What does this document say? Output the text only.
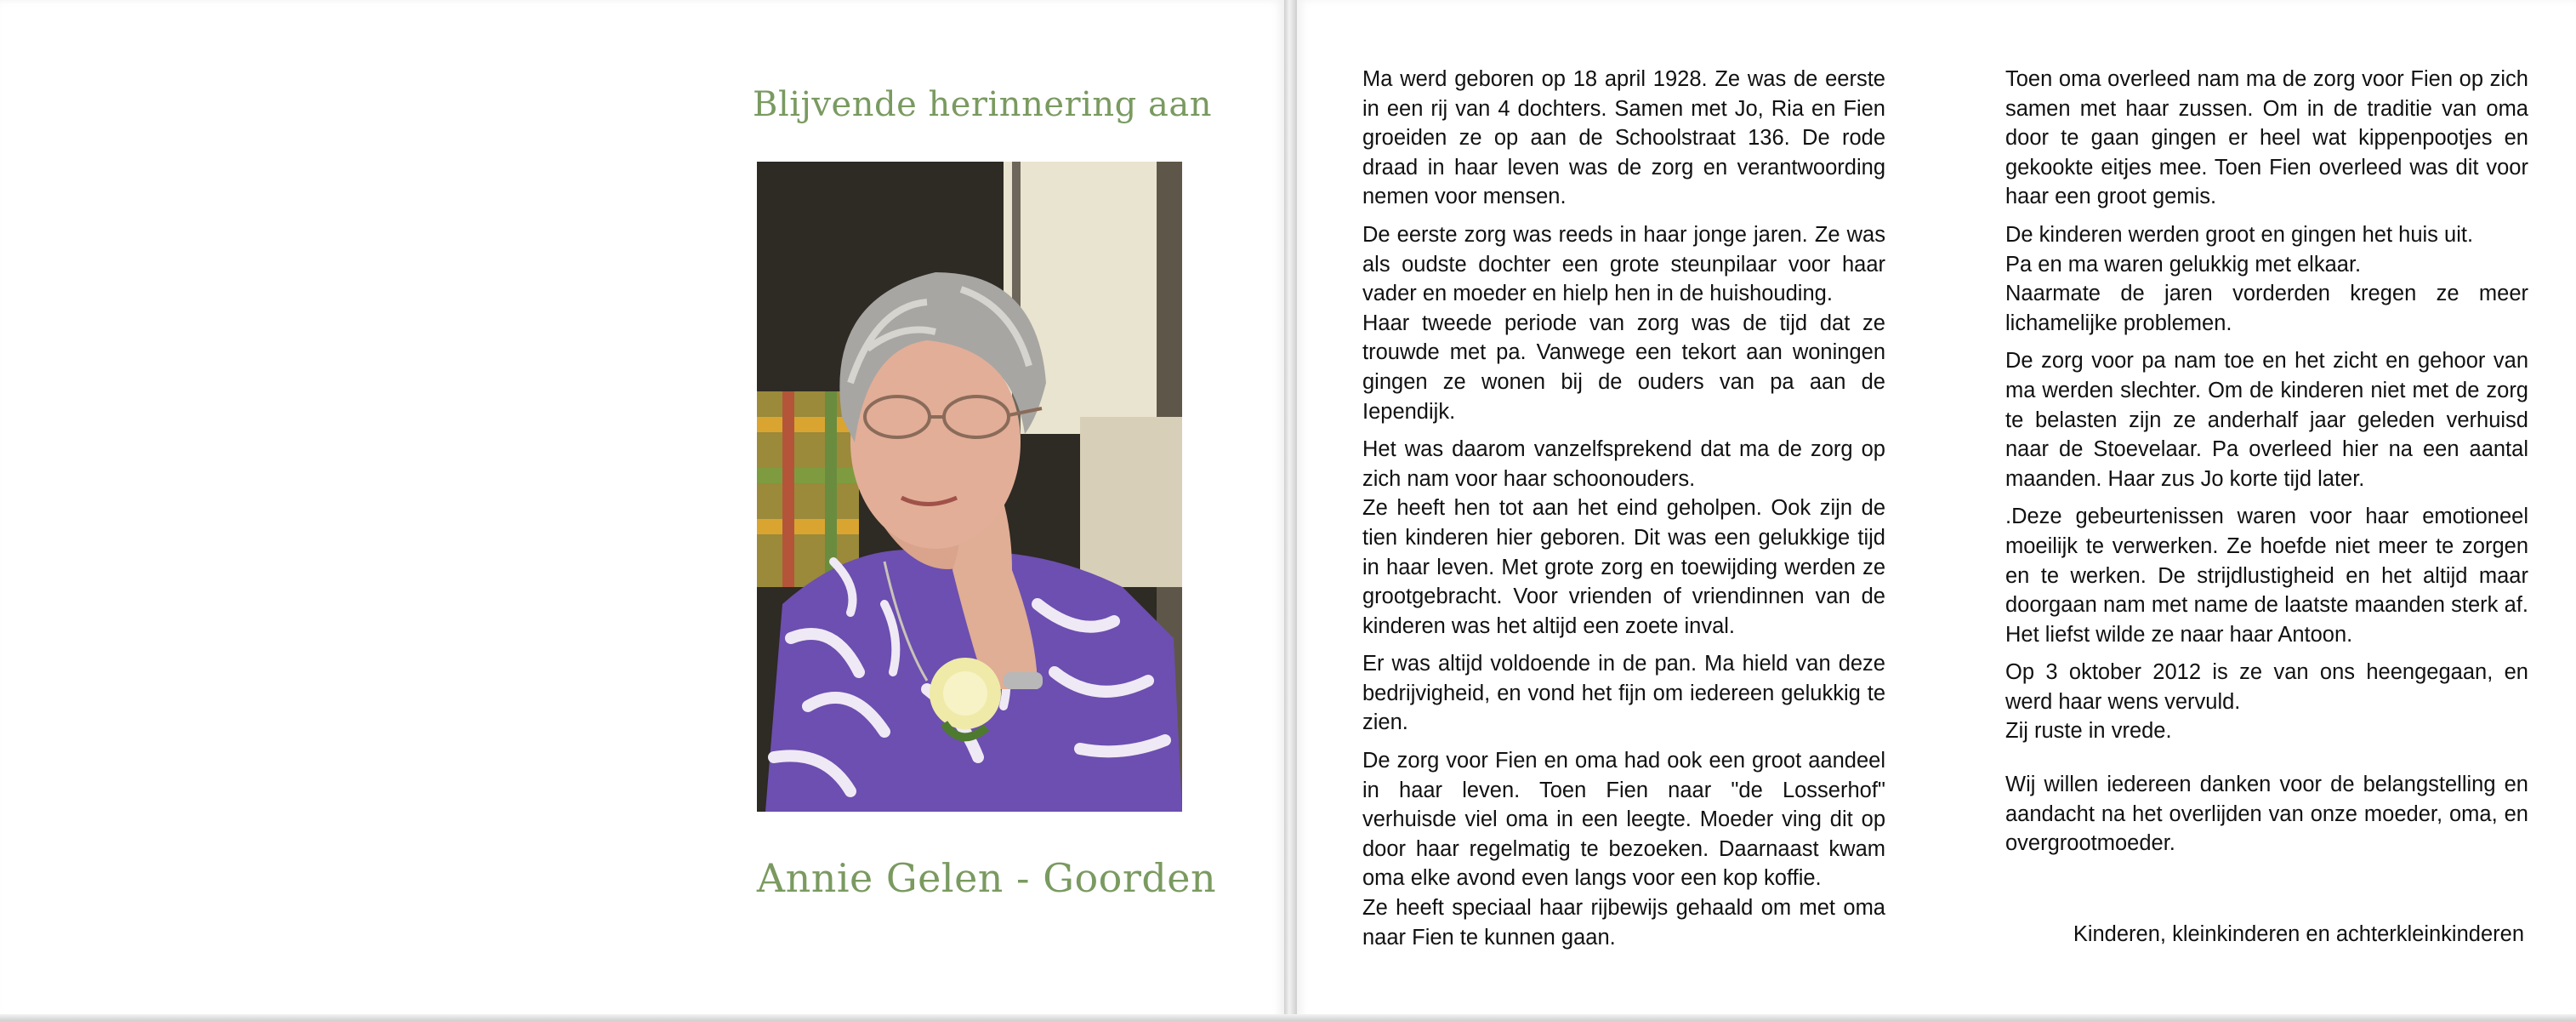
Blijvende herinnering aan
Annie Gelen - Goorden

Ma werd geboren op 18 april 1928. Ze was de eerste in een rij van 4 dochters. Samen met Jo, Ria en Fien groeiden ze op aan de Schoolstraat 136. De rode draad in haar leven was de zorg en verantwoording nemen voor mensen.

De eerste zorg was reeds in haar jonge jaren. Ze was als oudste dochter een grote steunpilaar voor haar vader en moeder en hielp hen in de huishouding.

Haar tweede periode van zorg was de tijd dat ze trouwde met pa. Vanwege een tekort aan woningen gingen ze wonen bij de ouders van pa aan de Iependijk.

Het was daarom vanzelfsprekend dat ma de zorg op zich nam voor haar schoonouders.

Ze heeft hen tot aan het eind geholpen. Ook zijn de tien kinderen hier geboren. Dit was een gelukkige tijd in haar leven. Met grote zorg en toewijding werden ze grootgebracht. Voor vrienden of vriendinnen van de kinderen was het altijd een zoete inval.

Er was altijd voldoende in de pan. Ma hield van deze bedrijvigheid, en vond het fijn om iedereen gelukkig te zien.

De zorg voor Fien en oma had ook een groot aandeel in haar leven. Toen Fien naar "de Losserhof" verhuisde viel oma in een leegte. Moeder ving dit op door haar regelmatig te bezoeken. Daarnaast kwam oma elke avond even langs voor een kop koffie.

Ze heeft speciaal haar rijbewijs gehaald om met oma naar Fien te kunnen gaan.

Toen oma overleed nam ma de zorg voor Fien op zich samen met haar zussen. Om in de traditie van oma door te gaan gingen er heel wat kippenpootjes en gekookte eitjes mee. Toen Fien overleed was dit voor haar een groot gemis.

De kinderen werden groot en gingen het huis uit.

Pa en ma waren gelukkig met elkaar.

Naarmate de jaren vorderden kregen ze meer lichamelijke problemen.

De zorg voor pa nam toe en het zicht en gehoor van ma werden slechter. Om de kinderen niet met de zorg te belasten zijn ze anderhalf jaar geleden verhuisd naar de Stoevelaar. Pa overleed hier na een aantal maanden. Haar zus Jo korte tijd later.

.Deze gebeurtenissen waren voor haar emotioneel moeilijk te verwerken. Ze hoefde niet meer te zorgen en te werken. De strijdlustigheid en het altijd maar doorgaan nam met name de laatste maanden sterk af. Het liefst wilde ze naar haar Antoon.

Op 3 oktober 2012 is ze van ons heengegaan, en werd haar wens vervuld.

Zij ruste in vrede.

Wij willen iedereen danken voor de belangstelling en aandacht na het overlijden van onze moeder, oma, en overgrootmoeder.

Kinderen, kleinkinderen en achterkleinkinderen
